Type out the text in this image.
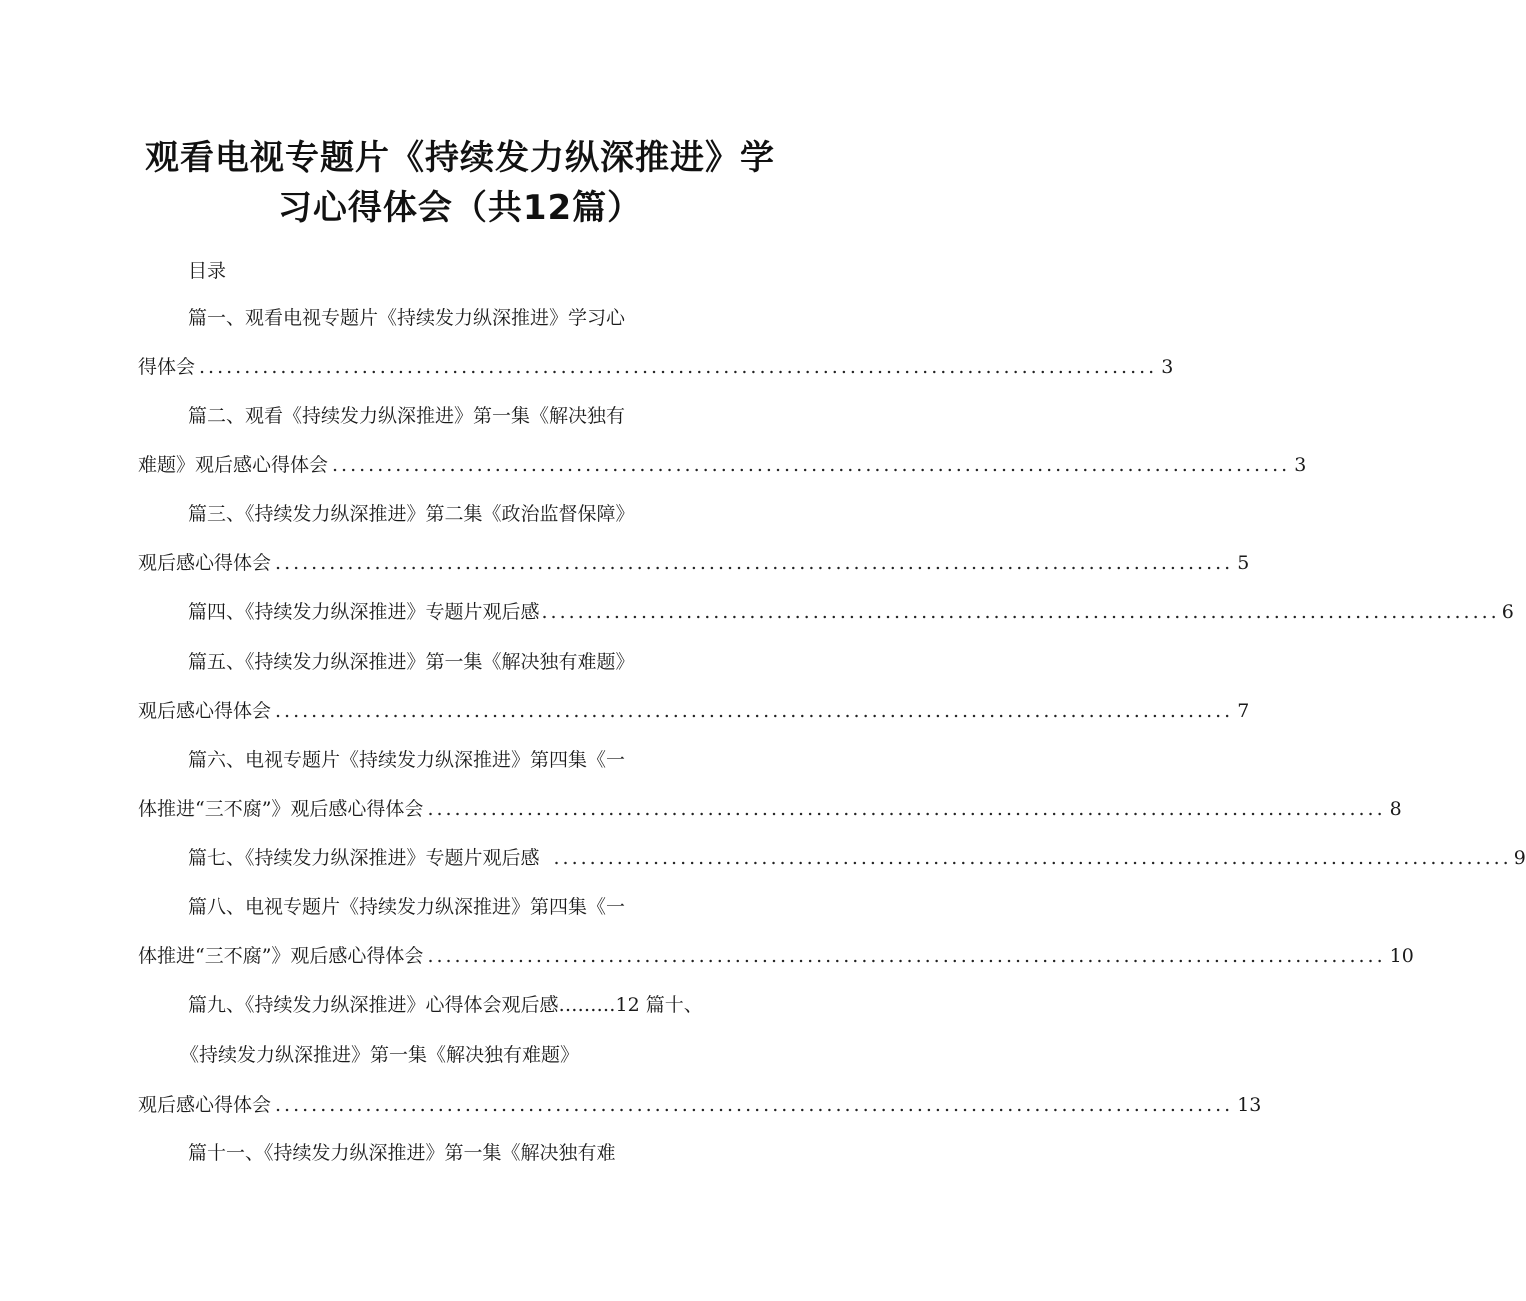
观看电视专题片《持续发力纵深推进》学
习心得体会（共12篇）
目录
篇一、观看电视专题片《持续发力纵深推进》学习心
得体会 .......................................................................................................... 3
篇二、观看《持续发力纵深推进》第一集《解决独有
难题》观后感心得体会 .......................................................................................................... 3
篇三、《持续发力纵深推进》第二集《政治监督保障》
观后感心得体会 .......................................................................................................... 5
篇四、《持续发力纵深推进》专题片观后感 .......................................................................................................... 6
篇五、《持续发力纵深推进》第一集《解决独有难题》
观后感心得体会 .......................................................................................................... 7
篇六、电视专题片《持续发力纵深推进》第四集《一
体推进“三不腐”》观后感心得体会 .......................................................................................................... 8
篇七、《持续发力纵深推进》专题片观后感 .......................................................................................................... 9
篇八、电视专题片《持续发力纵深推进》第四集《一
体推进“三不腐”》观后感心得体会 .......................................................................................................... 10
篇九、《持续发力纵深推进》心得体会观后感………12 篇十、
《持续发力纵深推进》第一集《解决独有难题》
观后感心得体会 .......................................................................................................... 13
篇十一、《持续发力纵深推进》第一集《解决独有难
